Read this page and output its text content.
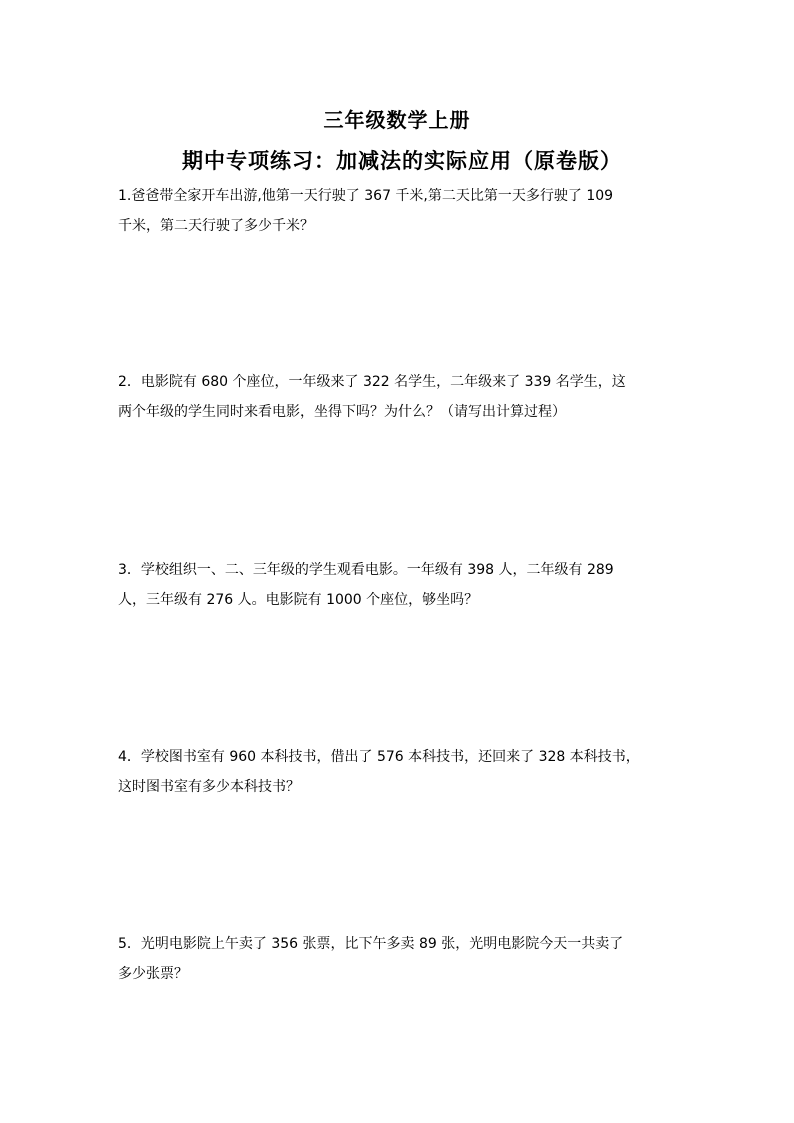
三年级数学上册
期中专项练习：加减法的实际应用（原卷版）
1.爸爸带全家开车出游,他第一天行驶了 367 千米,第二天比第一天多行驶了 109
千米，第二天行驶了多少千米？
2．电影院有 680 个座位，一年级来了 322 名学生，二年级来了 339 名学生，这
两个年级的学生同时来看电影，坐得下吗？为什么？（请写出计算过程）
3．学校组织一、二、三年级的学生观看电影。一年级有 398 人，二年级有 289
人，三年级有 276 人。电影院有 1000 个座位，够坐吗？
4．学校图书室有 960 本科技书，借出了 576 本科技书，还回来了 328 本科技书，
这时图书室有多少本科技书？
5．光明电影院上午卖了 356 张票，比下午多卖 89 张，光明电影院今天一共卖了
多少张票？
